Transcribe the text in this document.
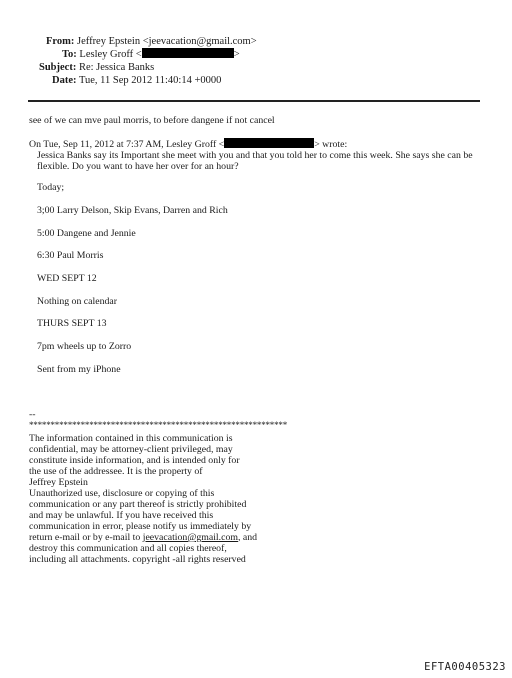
From: Jeffrey Epstein <jeevacation@gmail.com>
To: Lesley Groff <	>
Subject: Re: Jessica Banks
Date: Tue, 11 Sep 2012 11:40:14 +0000
see of we can mve paul morris, to before dangene if not cancel
On Tue, Sep 11, 2012 at 7:37 AM, Lesley Groff <	> wrote:
Jessica Banks say its Important she meet with you and that you told her to come this week. She says she can be
flexible. Do you want to have her over for an hour?
Today;
3;00 Larry Delson, Skip Evans, Darren and Rich
5:00 Dangene and Jennie
6:30 Paul Morris
WED SEPT 12
Nothing on calendar
THURS SEPT 13
7pm wheels up to Zorro
Sent from my iPhone
--
************************************************************
The information contained in this communication is
confidential, may be attorney-client privileged, may
constitute inside information, and is intended only for
the use of the addressee. It is the property of
Jeffrey Epstein
Unauthorized use, disclosure or copying of this
communication or any part thereof is strictly prohibited
and may be unlawful. If you have received this
communication in error, please notify us immediately by
return e-mail or by e-mail to jeevacation@gmail.com, and
destroy this communication and all copies thereof,
including all attachments. copyright -all rights reserved
EFTA00405323
